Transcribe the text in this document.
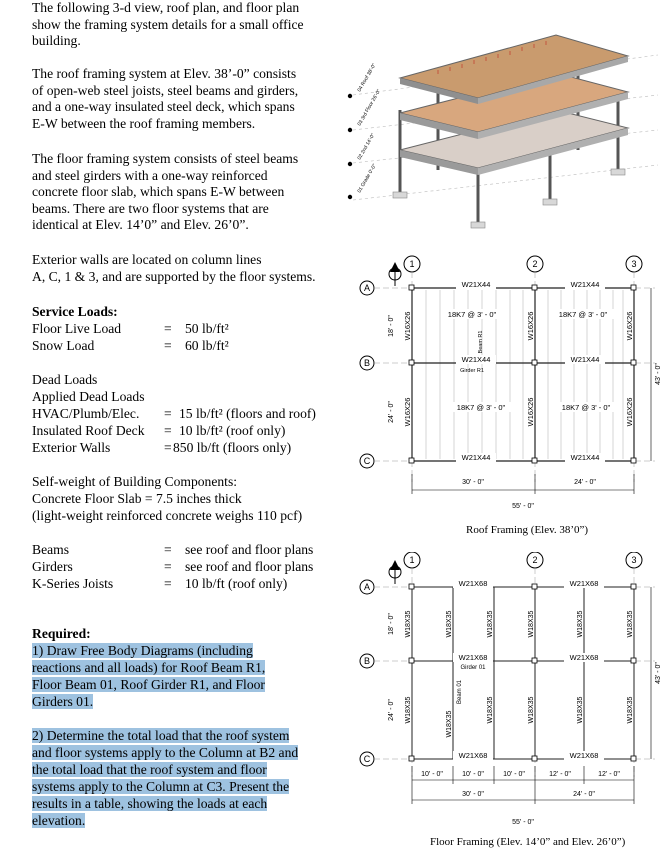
The following 3-d view, roof plan, and floor plan
show the framing system details for a small office
building.
The roof framing system at Elev. 38’-0” consists
of open-web steel joists, steel beams and girders,
and a one-way insulated steel deck, which spans
E-W between the roof framing members.
The floor framing system consists of steel beams
and steel girders with a one-way reinforced
concrete floor slab, which spans E-W between
beams. There are two floor systems that are
identical at Elev. 14’0” and Elev. 26’0”.
Exterior walls are located on column lines
A, C, 1 & 3, and are supported by the floor systems.
Service Loads:
Floor Live Load	= 50 lb/ft²
Snow Load	= 60 lb/ft²
Dead Loads
Applied Dead Loads
HVAC/Plumb/Elec. = 15 lb/ft² (floors and roof)
Insulated Roof Deck = 10 lb/ft² (roof only)
Exterior Walls	= 850 lb/ft (floors only)
Self-weight of Building Components:
Concrete Floor Slab = 7.5 inches thick
(light-weight reinforced concrete weighs 110 pcf)
Beams	= see roof and floor plans
Girders	= see roof and floor plans
K-Series Joists	= 10 lb/ft (roof only)
Required:
1) Draw Free Body Diagrams (including
reactions and all loads) for Roof Beam R1,
Floor Beam 01, Roof Girder R1, and Floor
Girders 01.
2) Determine the total load that the roof system
and floor systems apply to the Column at B2 and
the total load that the roof system and floor
systems apply to the Column at C3. Present the
results in a table, showing the loads at each
elevation.
04 Roof 38'-0"
03 3rd Floor 26'-0"
02 2nd 14'-0"
01 Grade 0'-0"
1	2	3
A
B
C
W21X44	W21X44
W21X44	W21X44
Girder R1
W21X44	W21X44
18K7 @ 3' - 0"	18K7 @ 3' - 0"
18K7 @ 3' - 0"	18K7 @ 3' - 0"
Beam R1
W16X26	W16X26	W16X26
W16X26	W16X26	W16X26
18' - 0"
24' - 0"
43' - 0"
30' - 0"	24' - 0"
55' - 0"
Roof Framing (Elev. 38’0”)
1	2	3
A
B
C
W21X68	W21X68
W21X68
Girder 01
W21X68
W21X68	W21X68
W18X35	W18X35	W18X35	W18X35	W18X35	W18X35
W18X35
W18X35
Beam 01
W18X35	W18X35	W18X35	W18X35
18' - 0"
24' - 0"
43' - 0"
10' - 0"	10' - 0"	10' - 0"	12' - 0"	12' - 0"
30' - 0"	24' - 0"
55' - 0"
Floor Framing (Elev. 14’0” and Elev. 26’0”)
